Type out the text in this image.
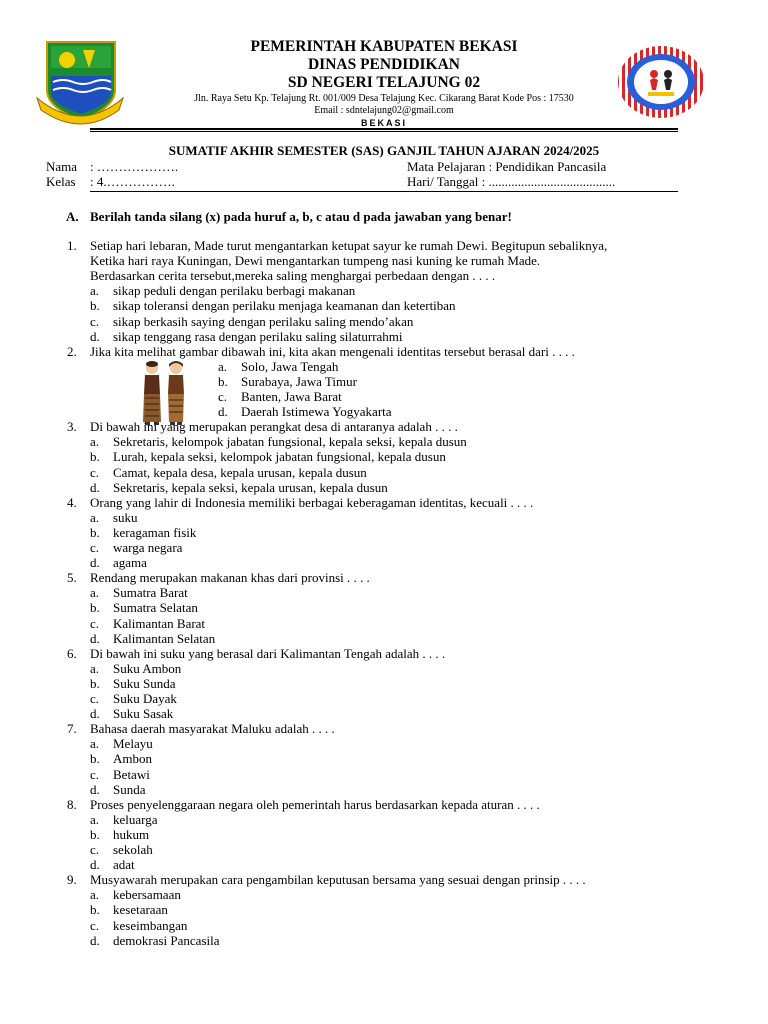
PEMERINTAH KABUPATEN BEKASI
DINAS PENDIDIKAN
SD NEGERI TELAJUNG 02
Jln. Raya Setu Kp. Telajung Rt. 001/009 Desa Telajung Kec. Cikarang Barat Kode Pos : 17530
Email : sdntelajung02@gmail.com
BEKASI
SUMATIF AKHIR SEMESTER (SAS) GANJIL TAHUN AJARAN 2024/2025
Nama : ……………….
Kelas : 4.…………….
Mata Pelajaran : Pendidikan Pancasila
Hari/ Tanggal : .......................................
A. Berilah tanda silang (x) pada huruf a, b, c atau d pada jawaban yang benar!
1. Setiap hari lebaran, Made turut mengantarkan ketupat sayur ke rumah Dewi. Begitupun sebaliknya,
Ketika hari raya Kuningan, Dewi mengantarkan tumpeng nasi kuning ke rumah Made.
Berdasarkan cerita tersebut,mereka saling menghargai perbedaan dengan . . . .
a. sikap peduli dengan perilaku berbagi makanan
b. sikap toleransi dengan perilaku menjaga keamanan dan ketertiban
c. sikap berkasih saying dengan perilaku saling mendo’akan
d. sikap tenggang rasa dengan perilaku saling silaturrahmi
2. Jika kita melihat gambar dibawah ini, kita akan mengenali identitas tersebut berasal dari . . . .
a. Solo, Jawa Tengah
b. Surabaya, Jawa Timur
c. Banten, Jawa Barat
d. Daerah Istimewa Yogyakarta
3. Di bawah ini yang merupakan perangkat desa di antaranya adalah . . . .
a. Sekretaris, kelompok jabatan fungsional, kepala seksi, kepala dusun
b. Lurah, kepala seksi, kelompok jabatan fungsional, kepala dusun
c. Camat, kepala desa, kepala urusan, kepala dusun
d. Sekretaris, kepala seksi, kepala urusan, kepala dusun
4. Orang yang lahir di Indonesia memiliki berbagai keberagaman identitas, kecuali . . . .
a. suku
b. keragaman fisik
c. warga negara
d. agama
5. Rendang merupakan makanan khas dari provinsi . . . .
a. Sumatra Barat
b. Sumatra Selatan
c. Kalimantan Barat
d. Kalimantan Selatan
6. Di bawah ini suku yang berasal dari Kalimantan Tengah adalah . . . .
a. Suku Ambon
b. Suku Sunda
c. Suku Dayak
d. Suku Sasak
7. Bahasa daerah masyarakat Maluku adalah . . . .
a. Melayu
b. Ambon
c. Betawi
d. Sunda
8. Proses penyelenggaraan negara oleh pemerintah harus berdasarkan kepada aturan . . . .
a. keluarga
b. hukum
c. sekolah
d. adat
9. Musyawarah merupakan cara pengambilan keputusan bersama yang sesuai dengan prinsip . . . .
a. kebersamaan
b. kesetaraan
c. keseimbangan
d. demokrasi Pancasila
